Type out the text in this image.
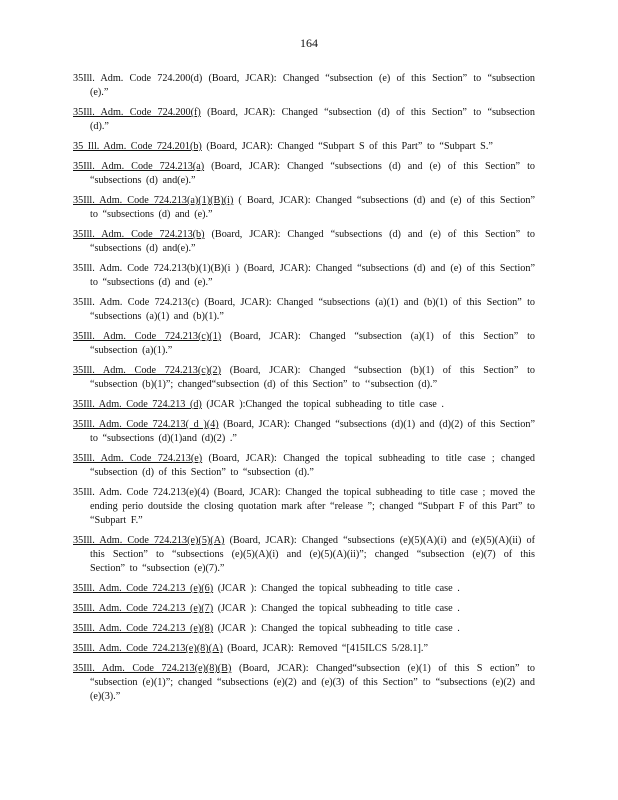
164

35Ill. Adm. Code 724.200(d) (Board, JCAR): Changed “subsection (e) of this Section” to “subsection (e).”

35Ill. Adm. Code 724.200(f) (Board, JCAR): Changed “subsection (d) of this Section” to “subsection (d).”

35 Ill. Adm. Code 724.201(b) (Board, JCAR): Changed “Subpart S of this Part” to “Subpart S.”

35Ill. Adm. Code 724.213(a) (Board, JCAR): Changed “subsections (d) and (e) of this Section” to “subsections (d) and(e).”

35Ill. Adm. Code 724.213(a)(1)(B)(i) ( Board, JCAR): Changed “subsections (d) and (e) of this Section” to “subsections (d) and (e).”

35Ill. Adm. Code 724.213(b) (Board, JCAR): Changed “subsections (d) and (e) of this Section” to “subsections (d) and(e).”

35Ill. Adm. Code 724.213(b)(1)(B)(i ) (Board, JCAR): Changed “subsections (d) and (e) of this Section” to “subsections (d) and (e).”

35Ill. Adm. Code 724.213(c) (Board, JCAR): Changed “subsections (a)(1) and (b)(1) of this Section” to “subsections (a)(1) and (b)(1).”

35Ill. Adm. Code 724.213(c)(1) (Board, JCAR): Changed “subsection (a)(1) of this Section” to “subsection (a)(1).”

35Ill. Adm. Code 724.213(c)(2) (Board, JCAR): Changed “subsection (b)(1) of this Section” to “subsection (b)(1)”; changed“subsection (d) of this Section” to ‘‘subsection (d).”

35Ill. Adm. Code 724.213 (d) (JCAR ):Changed the topical subheading to title case .

35Ill. Adm. Code 724.213( d )(4) (Board, JCAR): Changed “subsections (d)(1) and (d)(2) of this Section” to “subsections (d)(1)and (d)(2) .”

35Ill. Adm. Code 724.213(e) (Board, JCAR): Changed the topical subheading to title case ; changed “subsection (d) of this Section” to “subsection (d).”

35Ill. Adm. Code 724.213(e)(4) (Board, JCAR): Changed the topical subheading to title case ; moved the ending perio doutside the closing quotation mark after “release ”; changed “Subpart F of this Part” to “Subpart F.”

35Ill. Adm. Code 724.213(e)(5)(A) (Board, JCAR): Changed “subsections (e)(5)(A)(i) and (e)(5)(A)(ii) of this Section” to “subsections (e)(5)(A)(i) and (e)(5)(A)(ii)”; changed “subsection (e)(7) of this Section” to “subsection (e)(7).”

35Ill. Adm. Code 724.213 (e)(6) (JCAR ): Changed the topical subheading to title case .

35Ill. Adm. Code 724.213 (e)(7) (JCAR ): Changed the topical subheading to title case .

35Ill. Adm. Code 724.213 (e)(8) (JCAR ): Changed the topical subheading to title case .

35Ill. Adm. Code 724.213(e)(8)(A) (Board, JCAR): Removed “[415ILCS 5/28.1].”

35Ill. Adm. Code 724.213(e)(8)(B) (Board, JCAR): Changed“subsection (e)(1) of this S ection” to “subsection (e)(1)”; changed “subsections (e)(2) and (e)(3) of this Section” to “subsections (e)(2) and (e)(3).”
